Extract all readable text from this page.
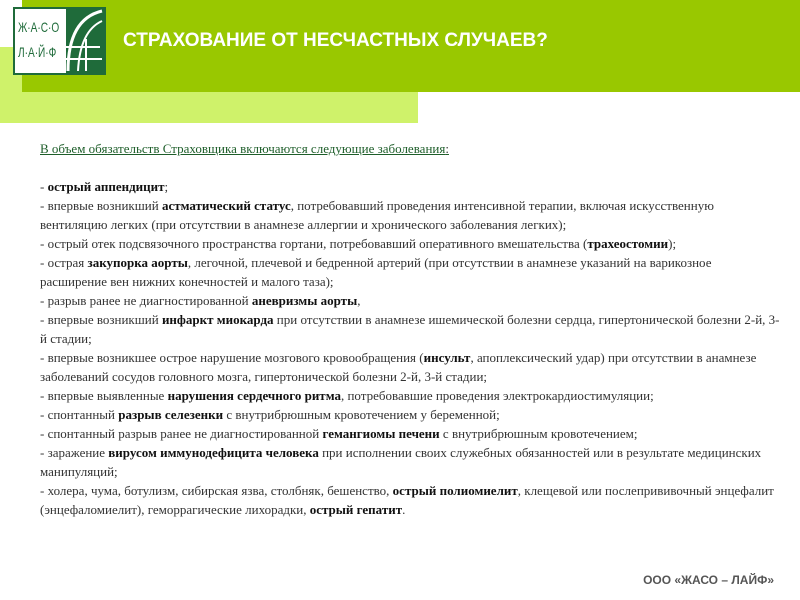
Ж·А·С·О
Л·А·Й·Ф
СТРАХОВАНИЕ ОТ НЕСЧАСТНЫХ СЛУЧАЕВ?
В объем обязательств Страховщика включаются следующие заболевания:
- острый аппендицит;
- впервые возникший астматический статус, потребовавший проведения интенсивной терапии, включая искусственную вентиляцию легких (при отсутствии в анамнезе аллергии и хронического заболевания легких);
- острый отек подсвязочного пространства гортани, потребовавший оперативного вмешательства (трахеостомии);
- острая закупорка аорты, легочной, плечевой и бедренной артерий (при отсутствии в анамнезе указаний на варикозное расширение вен нижних конечностей и малого таза);
- разрыв ранее не диагностированной аневризмы аорты,
- впервые возникший инфаркт миокарда при отсутствии в анамнезе ишемической болезни сердца, гипертонической болезни 2-й, 3-й стадии;
- впервые возникшее острое нарушение мозгового кровообращения (инсульт, апоплексический удар) при отсутствии в анамнезе заболеваний сосудов головного мозга, гипертонической болезни 2-й, 3-й стадии;
- впервые выявленные нарушения сердечного ритма, потребовавшие проведения электрокардиостимуляции;
- спонтанный разрыв селезенки с внутрибрюшным кровотечением у беременной;
- спонтанный разрыв ранее не диагностированной гемангиомы печени с внутрибрюшным кровотечением;
- заражение вирусом иммунодефицита человека при исполнении своих служебных обязанностей или в результате медицинских манипуляций;
- холера, чума, ботулизм, сибирская язва, столбняк, бешенство, острый полиомиелит, клещевой или послепрививочный энцефалит (энцефаломиелит), геморрагические лихорадки, острый гепатит.
ООО «ЖАСО – ЛАЙФ»
